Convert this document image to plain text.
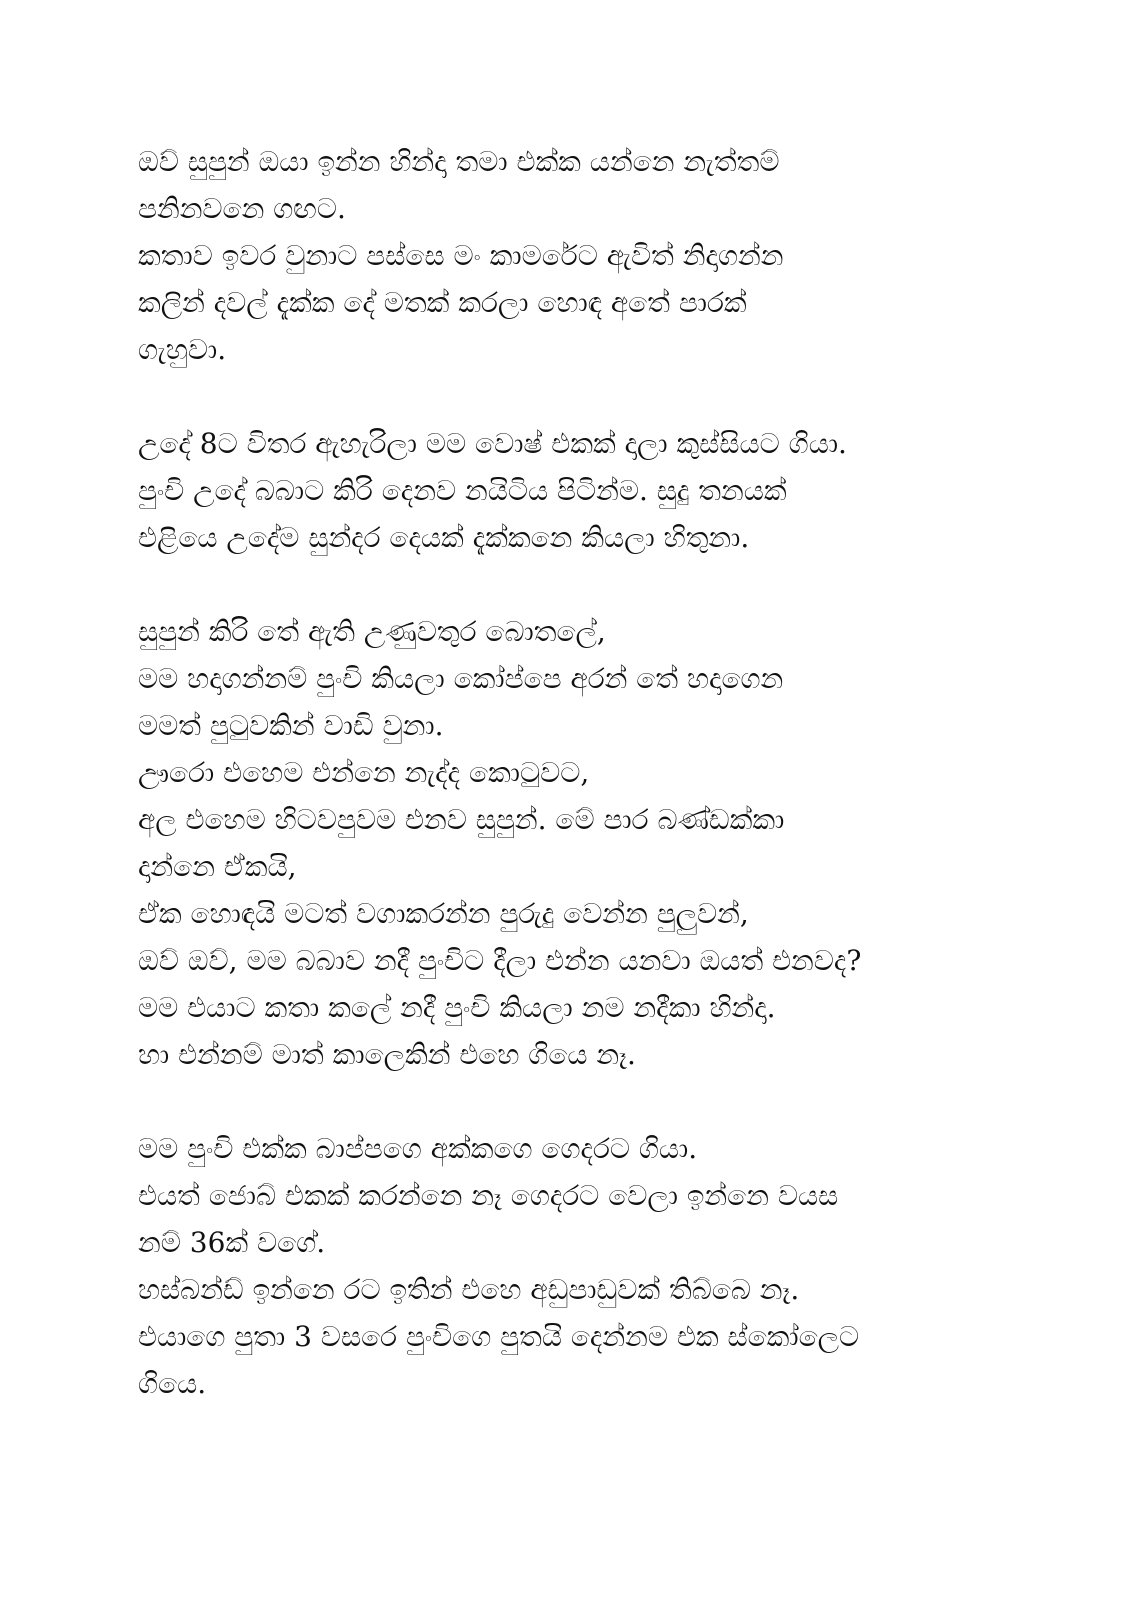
ඔව් සුපුන් ඔයා ඉන්න හින්දා තමා එක්ක යන්නෙ නැත්තම්
පනිනවනෙ ගඟට.
කතාව ඉවර වුනාට පස්සෙ මං කාමරේට ඇවිත් නිදාගන්න
කලින් දවල් දැක්ක දේ මතක් කරලා හොඳ අතේ පාරක්
ගැහුවා.
උදේ 8ට විතර ඇහැරිලා මම වොෂ් එකක් දාලා කුස්සියට ගියා.
පුංචි උදේ බබාට කිරි දෙනව නයිටිය පිටින්ම. සුදු තනයක්
එළියෙ උදේම සුන්දර දෙයක් දැක්කනෙ කියලා හිතුනා.
සුපුන් කිරි තේ ඇති උණුවතුර බොතලේ,
මම හදාගන්නම් පුංචි කියලා කෝප්පෙ අරන් තේ හදාගෙන
මමත් පුටුවකින් වාඩි වුනා.
ඌරො එහෙම එන්නෙ නැද්ද කොටුවට,
අල එහෙම හිටවපුවම එනව සුපුන්. මේ පාර බණ්ඩක්කා
දාන්නෙ ඒකයි,
ඒක හොඳයි මටත් වගාකරන්න පුරුදු වෙන්න පුලුවන්,
ඔව් ඔව්, මම බබාව නදී පුංචිට දීලා එන්න යනවා ඔයත් එනවද?
මම එයාට කතා කලේ නදී පුංචි කියලා නම නදීකා හින්දා.
හා එන්නම් මාත් කාලෙකින් එහෙ ගියෙ නෑ.
මම පුංචි එක්ක බාප්පගෙ අක්කගෙ ගෙදරට ගියා.
එයත් ජොබ් එකක් කරන්නෙ නෑ ගෙදරට වෙලා ඉන්නෙ වයස
නම් 36ක් වගේ.
හස්බන්ඩ් ඉන්නෙ රට ඉතින් එහෙ අඩුපාඩුවක් තිබ්බෙ නෑ.
එයාගෙ පුතා 3 වසරෙ පුංචිගෙ පුතයි දෙන්නම එක ස්කෝලෙට
ගියෙ.
